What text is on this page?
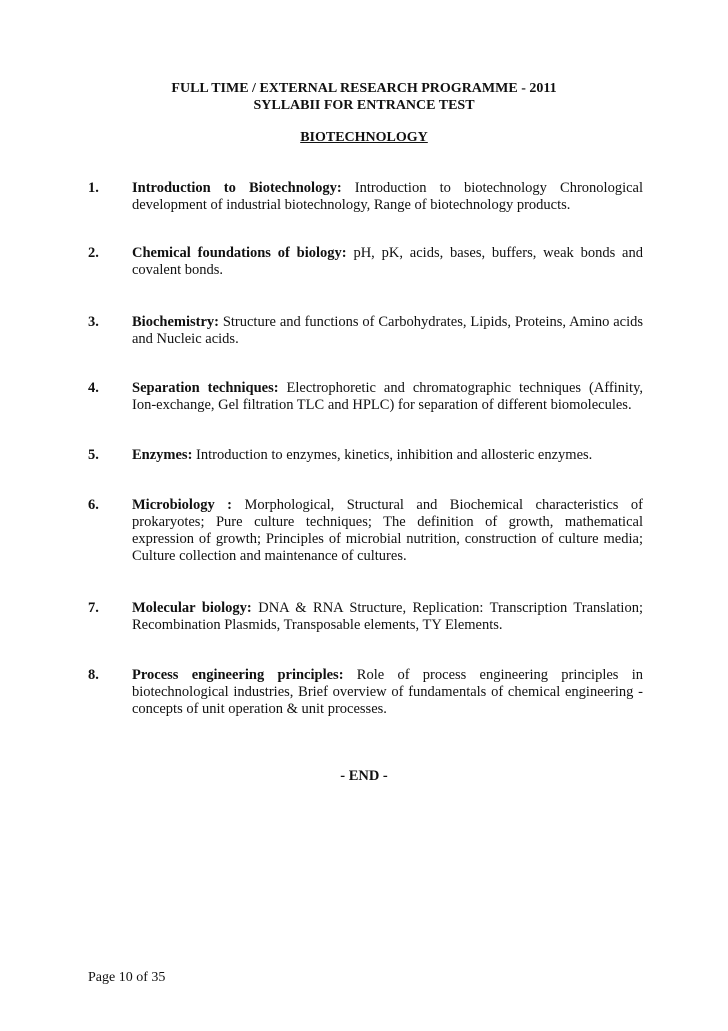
FULL TIME / EXTERNAL RESEARCH PROGRAMME - 2011
SYLLABII FOR ENTRANCE TEST
BIOTECHNOLOGY
1. Introduction to Biotechnology: Introduction to biotechnology Chronological development of industrial biotechnology, Range of biotechnology products.
2. Chemical foundations of biology: pH, pK, acids, bases, buffers, weak bonds and covalent bonds.
3. Biochemistry: Structure and functions of Carbohydrates, Lipids, Proteins, Amino acids and Nucleic acids.
4. Separation techniques: Electrophoretic and chromatographic techniques (Affinity, Ion-exchange, Gel filtration TLC and HPLC) for separation of different biomolecules.
5. Enzymes: Introduction to enzymes, kinetics, inhibition and allosteric enzymes.
6. Microbiology : Morphological, Structural and Biochemical characteristics of prokaryotes; Pure culture techniques; The definition of growth, mathematical expression of growth; Principles of microbial nutrition, construction of culture media; Culture collection and maintenance of cultures.
7. Molecular biology: DNA & RNA Structure, Replication: Transcription Translation; Recombination Plasmids, Transposable elements, TY Elements.
8. Process engineering principles: Role of process engineering principles in biotechnological industries, Brief overview of fundamentals of chemical engineering - concepts of unit operation & unit processes.
- END -
Page 10 of 35
